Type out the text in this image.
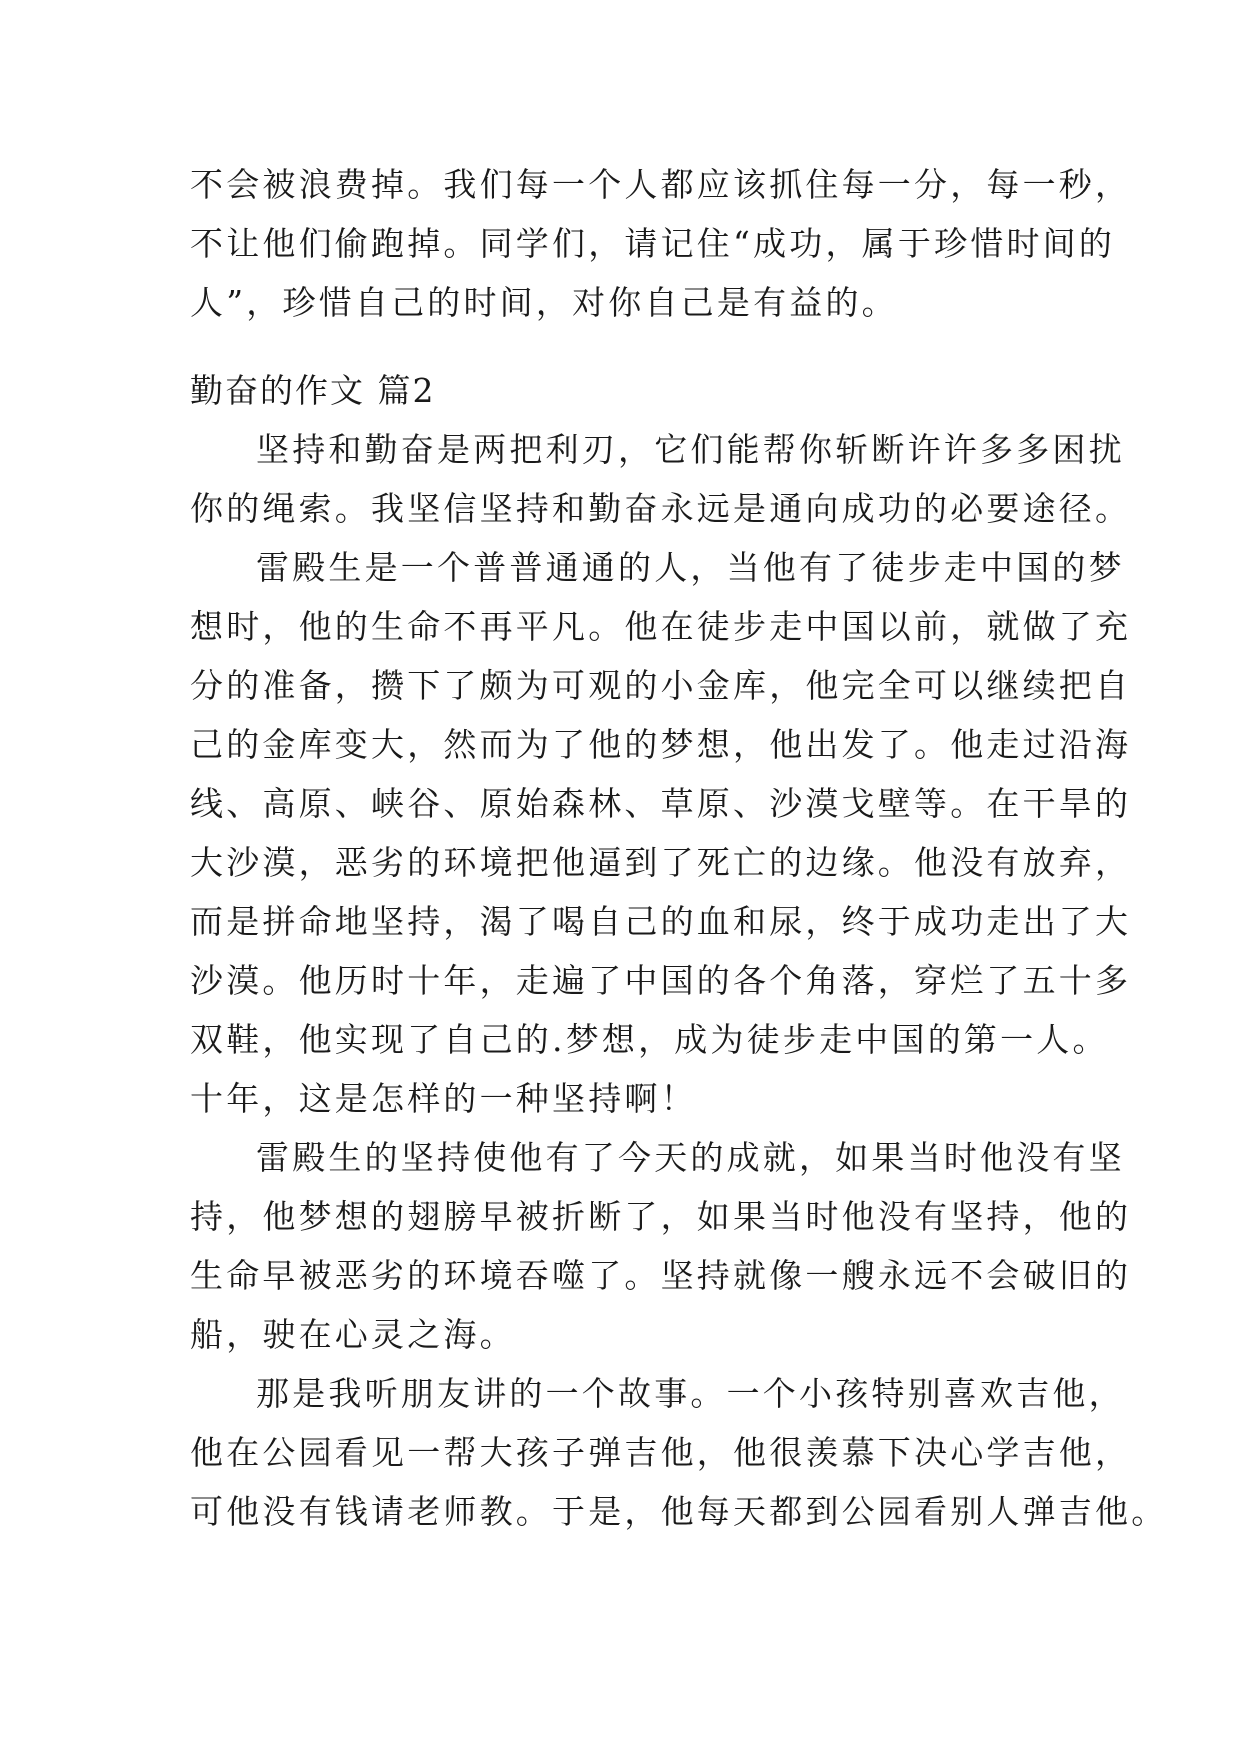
不会被浪费掉。我们每一个人都应该抓住每一分，每一秒，
不让他们偷跑掉。同学们，请记住“成功，属于珍惜时间的
人”，珍惜自己的时间，对你自己是有益的。
勤奋的作文 篇2
坚持和勤奋是两把利刃，它们能帮你斩断许许多多困扰
你的绳索。我坚信坚持和勤奋永远是通向成功的必要途径。
雷殿生是一个普普通通的人，当他有了徒步走中国的梦
想时，他的生命不再平凡。他在徒步走中国以前，就做了充
分的准备，攒下了颇为可观的小金库，他完全可以继续把自
己的金库变大，然而为了他的梦想，他出发了。他走过沿海
线、高原、峡谷、原始森林、草原、沙漠戈壁等。在干旱的
大沙漠，恶劣的环境把他逼到了死亡的边缘。他没有放弃，
而是拼命地坚持，渴了喝自己的血和尿，终于成功走出了大
沙漠。他历时十年，走遍了中国的各个角落，穿烂了五十多
双鞋，他实现了自己的.梦想，成为徒步走中国的第一人。
十年，这是怎样的一种坚持啊！
雷殿生的坚持使他有了今天的成就，如果当时他没有坚
持，他梦想的翅膀早被折断了，如果当时他没有坚持，他的
生命早被恶劣的环境吞噬了。坚持就像一艘永远不会破旧的
船，驶在心灵之海。
那是我听朋友讲的一个故事。一个小孩特别喜欢吉他，
他在公园看见一帮大孩子弹吉他，他很羡慕下决心学吉他，
可他没有钱请老师教。于是，他每天都到公园看别人弹吉他。
